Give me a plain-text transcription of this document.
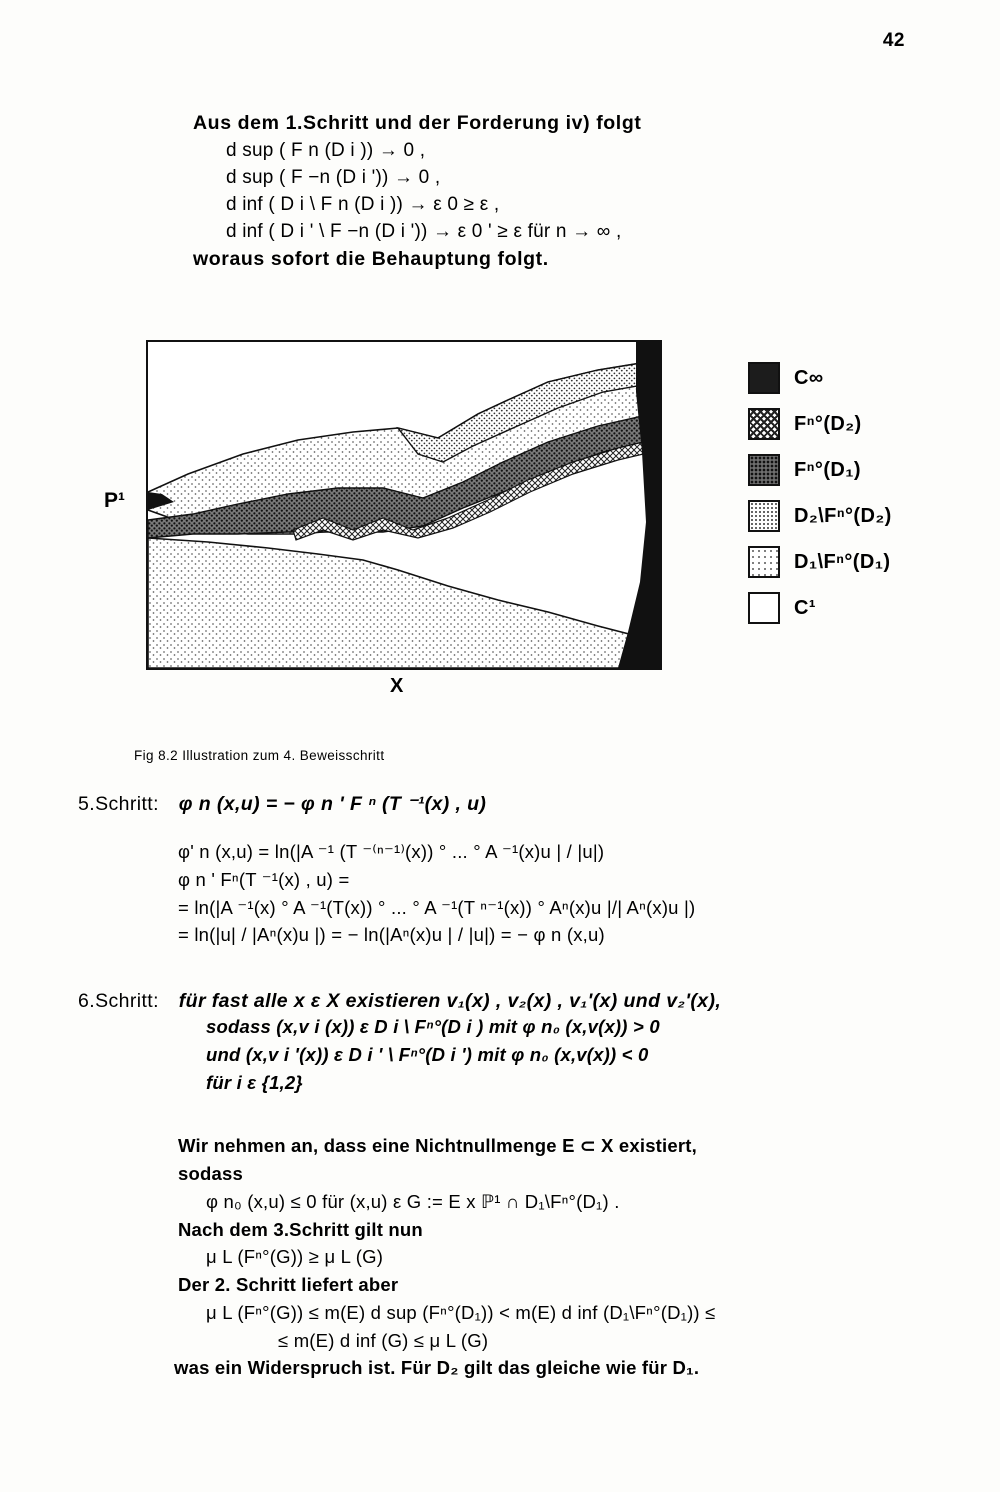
42
Aus dem 1.Schritt und der Forderung iv) folgt
d sup ( F n (D i )) → 0 ,
d sup ( F −n (D i ')) → 0 ,
d inf ( D i \ F n (D i )) → ε 0 ≥ ε ,
d inf ( D i ' \ F −n (D i ')) → ε 0 ' ≥ ε für n → ∞ ,
woraus sofort die Behauptung folgt.
P¹
X
Fig 8.2 Illustration zum 4. Beweisschritt
C∞
Fⁿ°(D₂)
Fⁿ°(D₁)
D₂\Fⁿ°(D₂)
D₁\Fⁿ°(D₁)
C¹
5.Schritt: φ n (x,u) = − φ n ' F ⁿ (T ⁻¹(x) , u)
φ' n (x,u) = ln(|A ⁻¹ (T ⁻⁽ⁿ⁻¹⁾(x)) ° ... ° A ⁻¹(x)u | / |u|)
φ n ' Fⁿ(T ⁻¹(x) , u) =
= ln(|A ⁻¹(x) ° A ⁻¹(T(x)) ° ... ° A ⁻¹(T ⁿ⁻¹(x)) ° Aⁿ(x)u |/| Aⁿ(x)u |)
= ln(|u| / |Aⁿ(x)u |) = − ln(|Aⁿ(x)u | / |u|) = − φ n (x,u)
6.Schritt: für fast alle x ε X existieren v₁(x) , v₂(x) , v₁'(x) und v₂'(x),
sodass (x,v i (x)) ε D i \ Fⁿ°(D i ) mit φ n₀ (x,v(x)) > 0
und (x,v i '(x)) ε D i ' \ Fⁿ°(D i ') mit φ n₀ (x,v(x)) < 0
für i ε {1,2}
Wir nehmen an, dass eine Nichtnullmenge E ⊂ X existiert,
sodass
φ n₀ (x,u) ≤ 0 für (x,u) ε G := E x ℙ¹ ∩ D₁\Fⁿ°(D₁) .
Nach dem 3.Schritt gilt nun
μ L (Fⁿ°(G)) ≥ μ L (G)
Der 2. Schritt liefert aber
μ L (Fⁿ°(G)) ≤ m(E) d sup (Fⁿ°(D₁)) < m(E) d inf (D₁\Fⁿ°(D₁)) ≤
≤ m(E) d inf (G) ≤ μ L (G)
was ein Widerspruch ist. Für D₂ gilt das gleiche wie für D₁.
